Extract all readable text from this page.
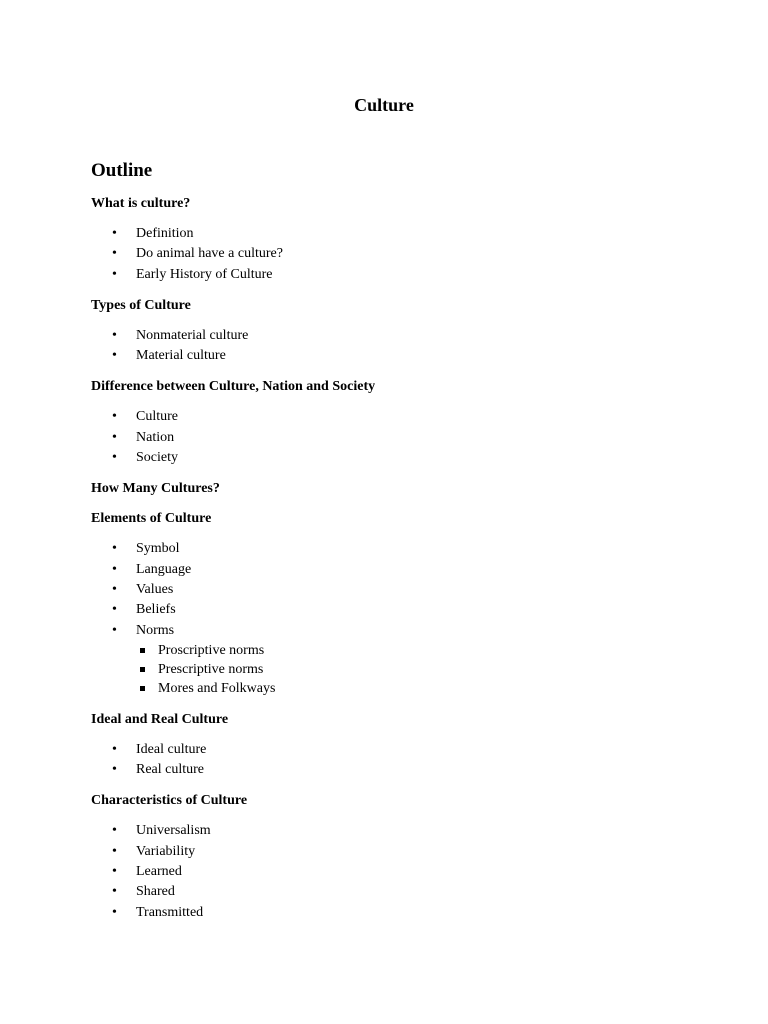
Culture
Outline
What is culture?
• Definition
• Do animal have a culture?
• Early History of Culture
Types of Culture
• Nonmaterial culture
• Material culture
Difference between Culture, Nation and Society
• Culture
• Nation
• Society
How Many Cultures?
Elements of Culture
• Symbol
• Language
• Values
• Beliefs
• Norms
Proscriptive norms
Prescriptive norms
Mores and Folkways
Ideal and Real Culture
• Ideal culture
• Real culture
Characteristics of Culture
• Universalism
• Variability
• Learned
• Shared
• Transmitted
